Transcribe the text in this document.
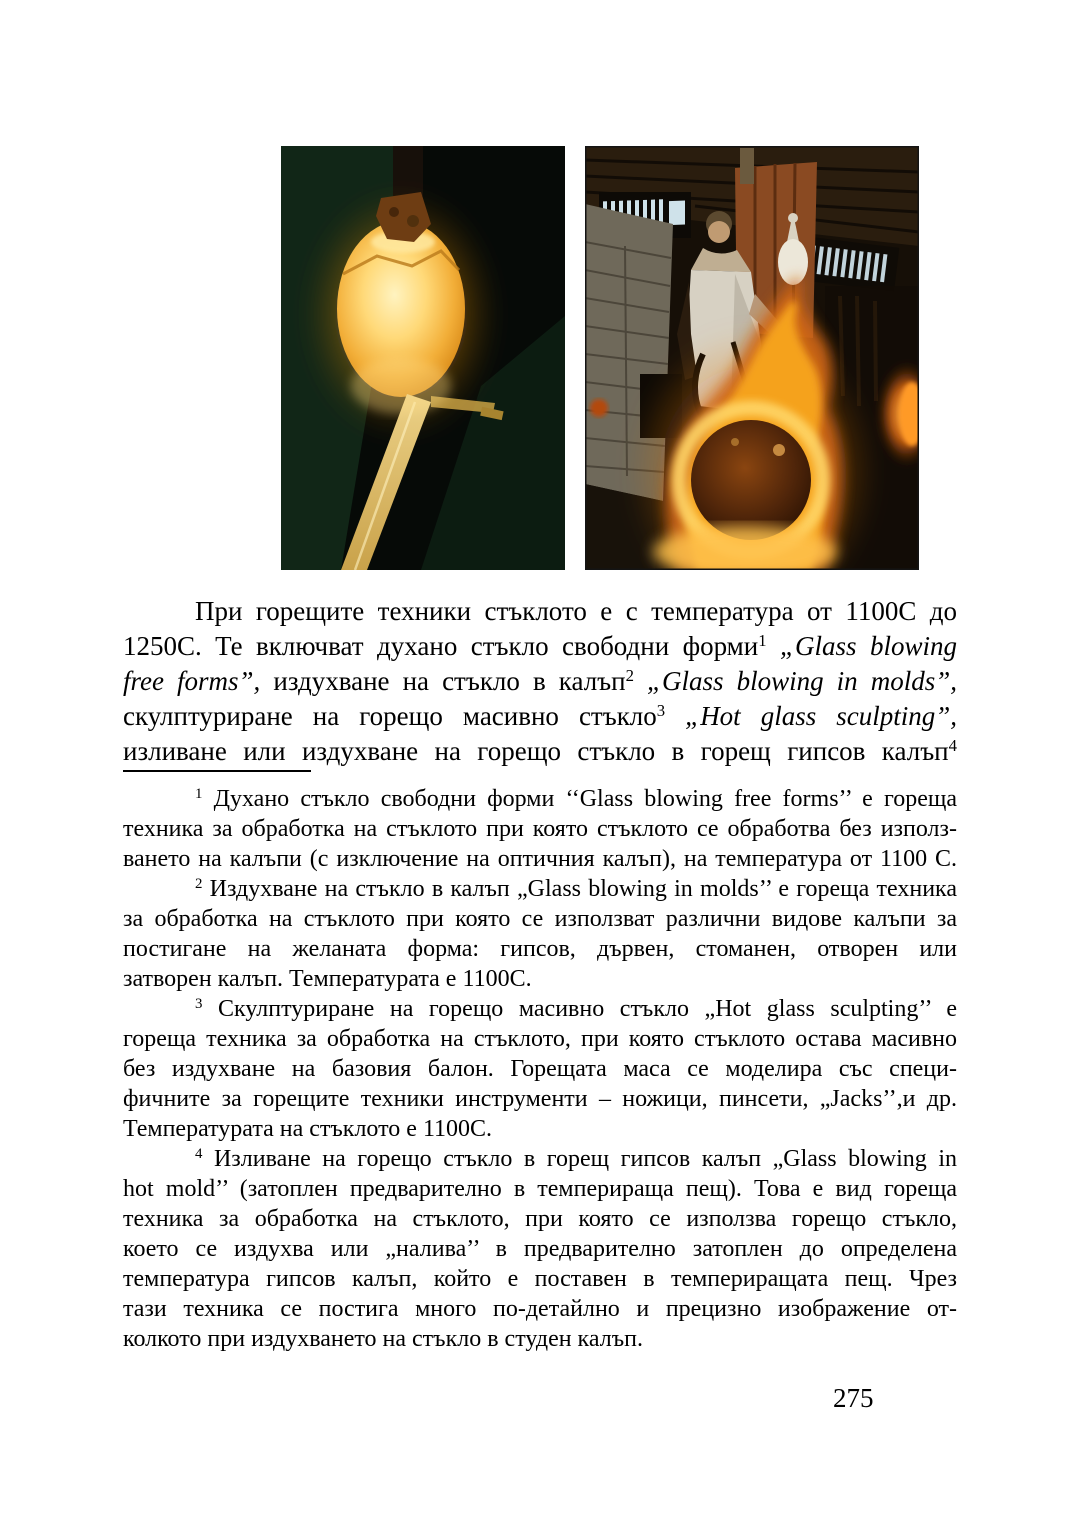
При горещите техники стъклото е с температура от 1100С до
1250С. Те включват духано стъкло свободни форми$^1$ „Glass blowing
free forms”, издухване на стъкло в калъп$^2$ „Glass blowing in molds”,
скулптуриране на горещо масивно стъкло$^3$ „Hot glass sculpting”,
изливане или издухване на горещо стъкло в горещ гипсов калъп$^4$
$^1$ Духано стъкло свободни форми ‘‘Glass blowing free forms’’ е гореща
техника за обработка на стъклото при която стъклото се обработва без използ-
ването на калъпи (с изключение на оптичния калъп), на температура от 1100 С.
$^2$ Издухване на стъкло в калъп „Glass blowing in molds’’ е гореща техника
за обработка на стъклото при която се използват различни видове калъпи за
постигане на желаната форма: гипсов, дървен, стоманен, отворен или
затворен калъп. Температурата е 1100С.
$^3$ Скулптуриране на горещо масивно стъкло „Hot glass sculpting’’ е
гореща техника за обработка на стъклото, при която стъклото остава масивно
без издухване на базовия балон. Горещата маса се моделира със специ-
фичните за горещите техники инструменти – ножици, пинсети, „Jacks’’,и др.
Температурата на стъклото е 1100С.
$^4$ Изливане на горещо стъкло в горещ гипсов калъп „Glass blowing in
hot mold’’ (затоплен предварително в темперираща пещ). Това е вид гореща
техника за обработка на стъклото, при която се използва горещо стъкло,
което се издухва или „налива’’ в предварително затоплен до определена
температура гипсов калъп, който е поставен в темпериращата пещ. Чрез
тази техника се постига много по-детайлно и прецизно изображение от-
колкото при издухването на стъкло в студен калъп.
275
